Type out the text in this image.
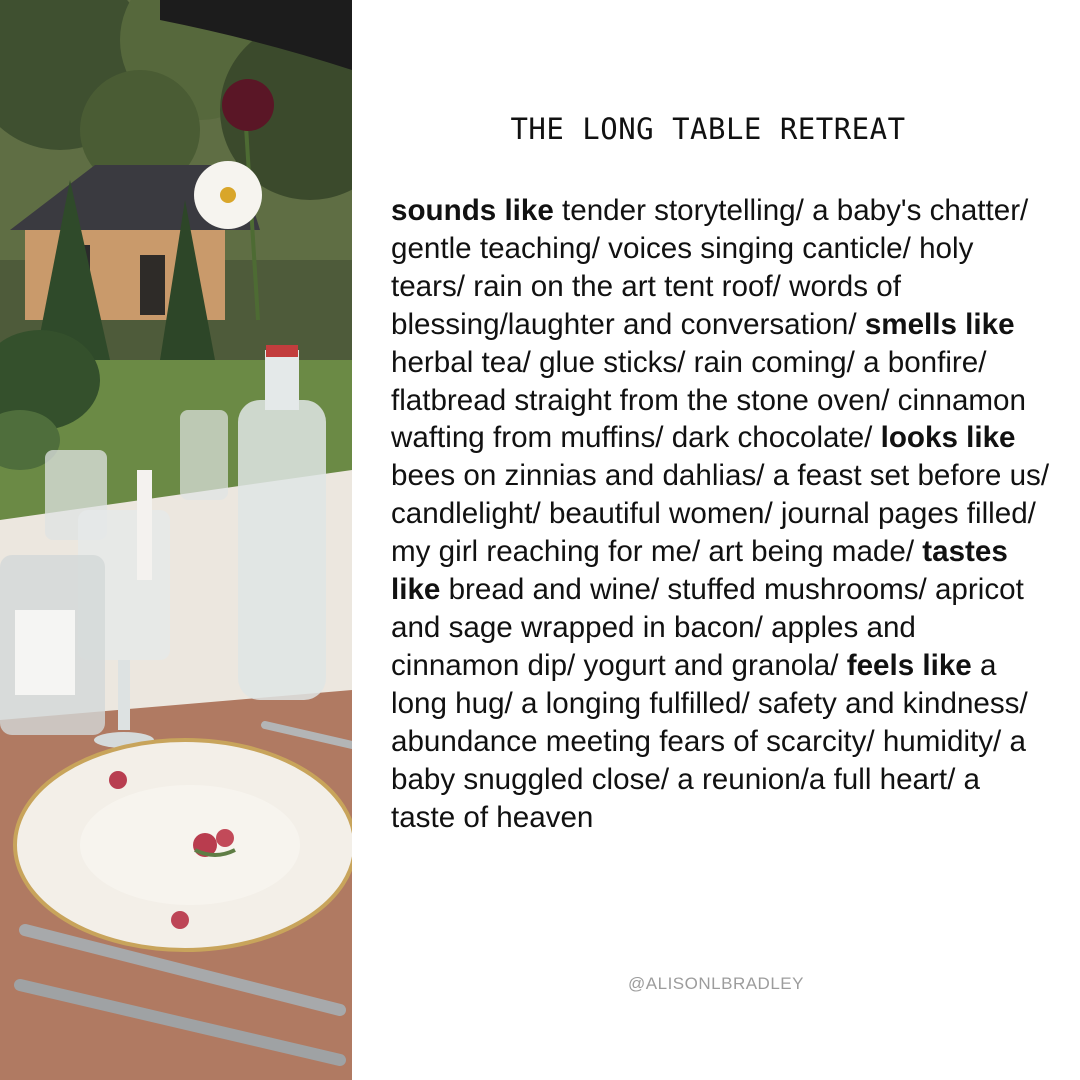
THE LONG TABLE RETREAT
sounds like tender storytelling/ a baby's chatter/ gentle teaching/ voices singing canticle/ holy tears/ rain on the art tent roof/ words of blessing/laughter and conversation/ smells like herbal tea/ glue sticks/ rain coming/ a bonfire/ flatbread straight from the stone oven/ cinnamon wafting from muffins/ dark chocolate/ looks like bees on zinnias and dahlias/ a feast set before us/ candlelight/ beautiful women/ journal pages filled/ my girl reaching for me/ art being made/ tastes like bread and wine/ stuffed mushrooms/ apricot and sage wrapped in bacon/ apples and cinnamon dip/ yogurt and granola/ feels like a long hug/ a longing fulfilled/ safety and kindness/ abundance meeting fears of scarcity/ humidity/ a baby snuggled close/ a reunion/a full heart/ a taste of heaven
@ALISONLBRADLEY
